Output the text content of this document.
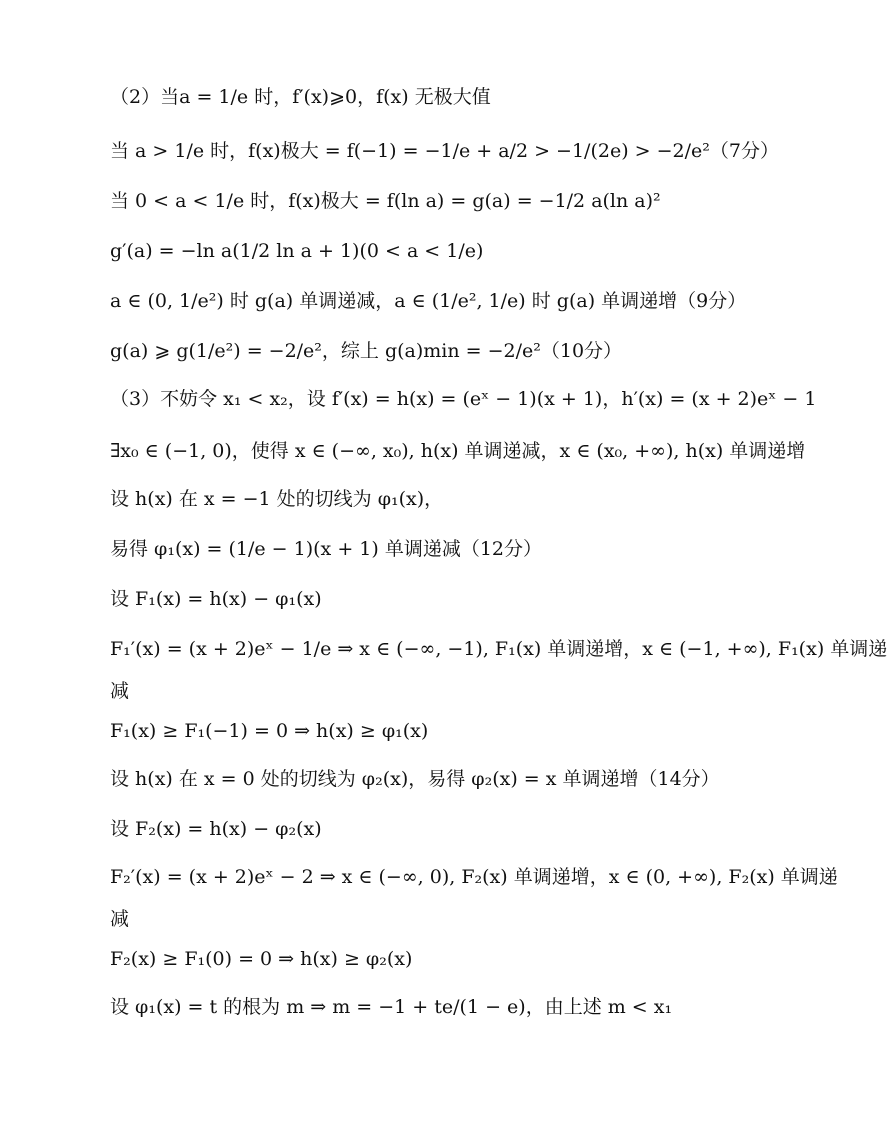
（2）当a = 1/e 时，f′(x)⩾0，f(x) 无极大值
当 a > 1/e 时，f(x)极大 = f(−1) = −1/e + a/2 > −1/(2e) > −2/e²（7分）
当 0 < a < 1/e 时，f(x)极大 = f(ln a) = g(a) = −1/2 a(ln a)²
g′(a) = −ln a(1/2 ln a + 1)(0 < a < 1/e)
a ∈ (0, 1/e²) 时 g(a) 单调递减，a ∈ (1/e², 1/e) 时 g(a) 单调递增（9分）
g(a) ⩾ g(1/e²) = −2/e²，综上 g(a)min = −2/e²（10分）
（3）不妨令 x₁ < x₂，设 f′(x) = h(x) = (eˣ − 1)(x + 1)，h′(x) = (x + 2)eˣ − 1
∃x₀ ∈ (−1, 0)，使得 x ∈ (−∞, x₀), h(x) 单调递减，x ∈ (x₀, +∞), h(x) 单调递增
设 h(x) 在 x = −1 处的切线为 φ₁(x)，
易得 φ₁(x) = (1/e − 1)(x + 1) 单调递减（12分）
设 F₁(x) = h(x) − φ₁(x)
F₁′(x) = (x + 2)eˣ − 1/e ⇒ x ∈ (−∞, −1), F₁(x) 单调递增，x ∈ (−1, +∞), F₁(x) 单调递
减
F₁(x) ≥ F₁(−1) = 0 ⇒ h(x) ≥ φ₁(x)
设 h(x) 在 x = 0 处的切线为 φ₂(x)，易得 φ₂(x) = x 单调递增（14分）
设 F₂(x) = h(x) − φ₂(x)
F₂′(x) = (x + 2)eˣ − 2 ⇒ x ∈ (−∞, 0), F₂(x) 单调递增，x ∈ (0, +∞), F₂(x) 单调递
减
F₂(x) ≥ F₁(0) = 0 ⇒ h(x) ≥ φ₂(x)
设 φ₁(x) = t 的根为 m ⇒ m = −1 + te/(1 − e)，由上述 m < x₁
